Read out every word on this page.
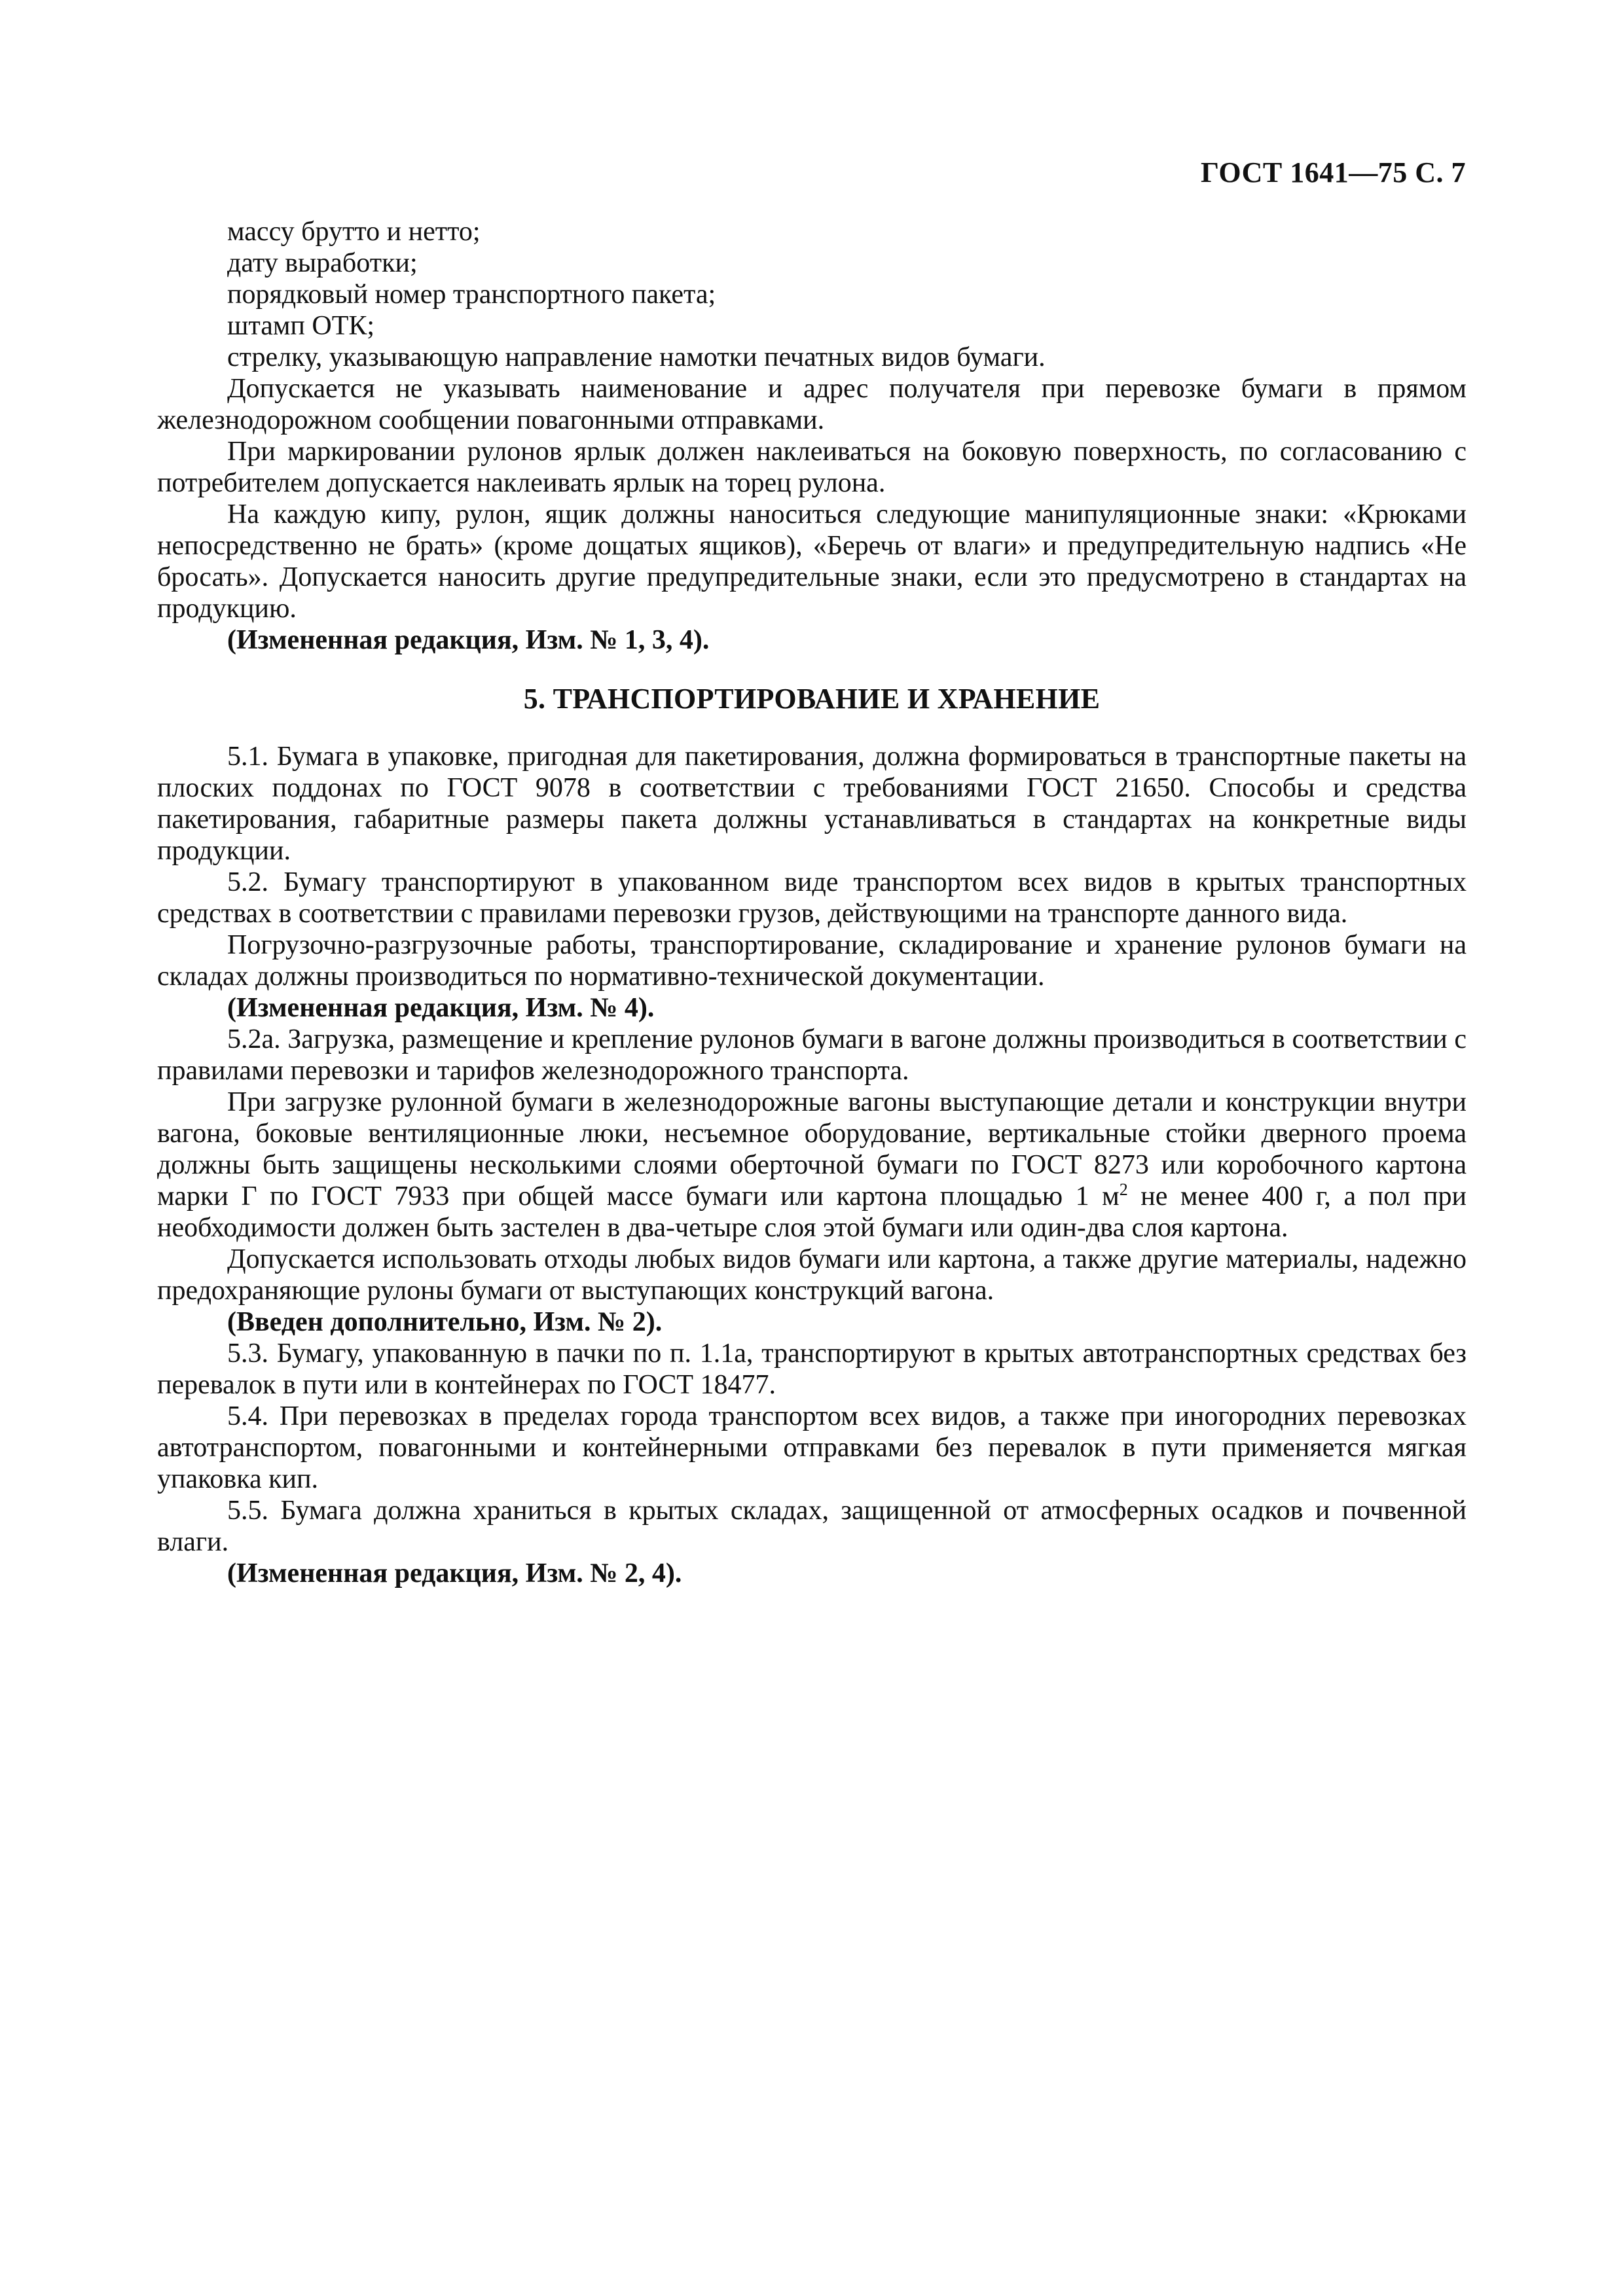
ГОСТ 1641—75 С. 7

массу брутто и нетто;

дату выработки;

порядковый номер транспортного пакета;

штамп ОТК;

стрелку, указывающую направление намотки печатных видов бумаги.

Допускается не указывать наименование и адрес получателя при перевозке бумаги в прямом железнодорожном сообщении повагонными отправками.

При маркировании рулонов ярлык должен наклеиваться на боковую поверхность, по согласованию с потребителем допускается наклеивать ярлык на торец рулона.

На каждую кипу, рулон, ящик должны наноситься следующие манипуляционные знаки: «Крюками непосредственно не брать» (кроме дощатых ящиков), «Беречь от влаги» и предупредительную надпись «Не бросать». Допускается наносить другие предупредительные знаки, если это предусмотрено в стандартах на продукцию.

(Измененная редакция, Изм. № 1, 3, 4).

5. ТРАНСПОРТИРОВАНИЕ И ХРАНЕНИЕ

5.1. Бумага в упаковке, пригодная для пакетирования, должна формироваться в транспортные пакеты на плоских поддонах по ГОСТ 9078 в соответствии с требованиями ГОСТ 21650. Способы и средства пакетирования, габаритные размеры пакета должны устанавливаться в стандартах на конкретные виды продукции.

5.2. Бумагу транспортируют в упакованном виде транспортом всех видов в крытых транспортных средствах в соответствии с правилами перевозки грузов, действующими на транспорте данного вида.

Погрузочно-разгрузочные работы, транспортирование, складирование и хранение рулонов бумаги на складах должны производиться по нормативно-технической документации.

(Измененная редакция, Изм. № 4).

5.2а. Загрузка, размещение и крепление рулонов бумаги в вагоне должны производиться в соответствии с правилами перевозки и тарифов железнодорожного транспорта.

При загрузке рулонной бумаги в железнодорожные вагоны выступающие детали и конструкции внутри вагона, боковые вентиляционные люки, несъемное оборудование, вертикальные стойки дверного проема должны быть защищены несколькими слоями оберточной бумаги по ГОСТ 8273 или коробочного картона марки Г по ГОСТ 7933 при общей массе бумаги или картона площадью 1 $м^2$ не менее 400 г, а пол при необходимости должен быть застелен в два-четыре слоя этой бумаги или один-два слоя картона.

Допускается использовать отходы любых видов бумаги или картона, а также другие материалы, надежно предохраняющие рулоны бумаги от выступающих конструкций вагона.

(Введен дополнительно, Изм. № 2).

5.3. Бумагу, упакованную в пачки по п. 1.1а, транспортируют в крытых автотранспортных средствах без перевалок в пути или в контейнерах по ГОСТ 18477.

5.4. При перевозках в пределах города транспортом всех видов, а также при иногородних перевозках автотранспортом, повагонными и контейнерными отправками без перевалок в пути применяется мягкая упаковка кип.

5.5. Бумага должна храниться в крытых складах, защищенной от атмосферных осадков и почвенной влаги.

(Измененная редакция, Изм. № 2, 4).
